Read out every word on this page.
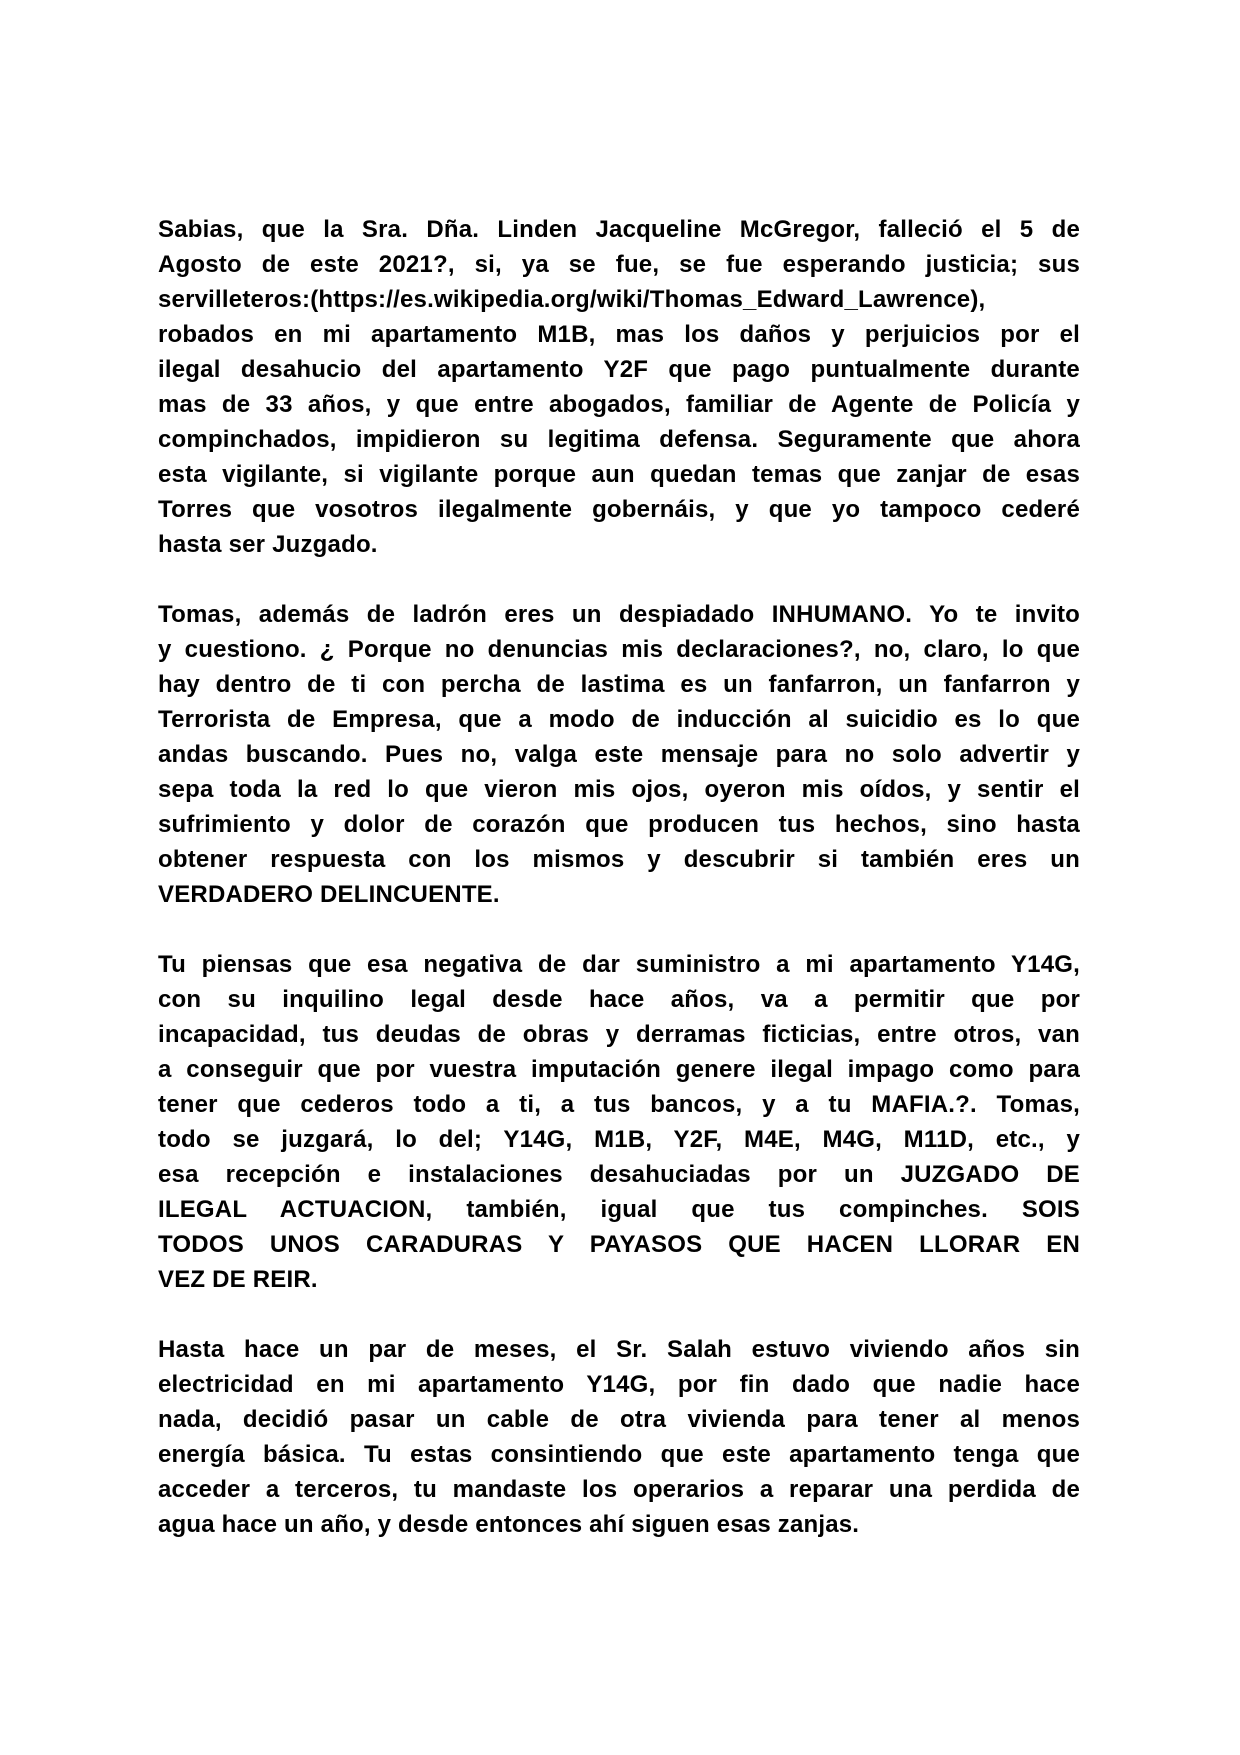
Sabias, que la Sra. Dña. Linden Jacqueline McGregor, falleció el 5 de
Agosto de este 2021?, si, ya se fue, se fue esperando justicia; sus
servilleteros:(https://es.wikipedia.org/wiki/Thomas_Edward_Lawrence),
robados en mi apartamento M1B, mas los daños y perjuicios por el
ilegal desahucio del apartamento Y2F que pago puntualmente durante
mas de 33 años, y que entre abogados, familiar de Agente de Policía y
compinchados, impidieron su legitima defensa. Seguramente que ahora
esta vigilante, si vigilante porque aun quedan temas que zanjar de esas
Torres que vosotros ilegalmente gobernáis, y que yo tampoco cederé
hasta ser Juzgado.
Tomas, además de ladrón eres un despiadado INHUMANO. Yo te invito
y cuestiono. ¿ Porque no denuncias mis declaraciones?, no, claro, lo que
hay dentro de ti con percha de lastima es un fanfarron, un fanfarron y
Terrorista de Empresa, que a modo de inducción al suicidio es lo que
andas buscando. Pues no, valga este mensaje para no solo advertir y
sepa toda la red lo que vieron mis ojos, oyeron mis oídos, y sentir el
sufrimiento y dolor de corazón que producen tus hechos, sino hasta
obtener respuesta con los mismos y descubrir si también eres un
VERDADERO DELINCUENTE.
Tu piensas que esa negativa de dar suministro a mi apartamento Y14G,
con su inquilino legal desde hace años, va a permitir que por
incapacidad, tus deudas de obras y derramas ficticias, entre otros, van
a conseguir que por vuestra imputación genere ilegal impago como para
tener que cederos todo a ti, a tus bancos, y a tu MAFIA.?. Tomas,
todo se juzgará, lo del; Y14G, M1B, Y2F, M4E, M4G, M11D, etc., y
esa recepción e instalaciones desahuciadas por un JUZGADO DE
ILEGAL ACTUACION, también, igual que tus compinches. SOIS
TODOS UNOS CARADURAS Y PAYASOS QUE HACEN LLORAR EN
VEZ DE REIR.
Hasta hace un par de meses, el Sr. Salah estuvo viviendo años sin
electricidad en mi apartamento Y14G, por fin dado que nadie hace
nada, decidió pasar un cable de otra vivienda para tener al menos
energía básica. Tu estas consintiendo que este apartamento tenga que
acceder a terceros, tu mandaste los operarios a reparar una perdida de
agua hace un año, y desde entonces ahí siguen esas zanjas.
